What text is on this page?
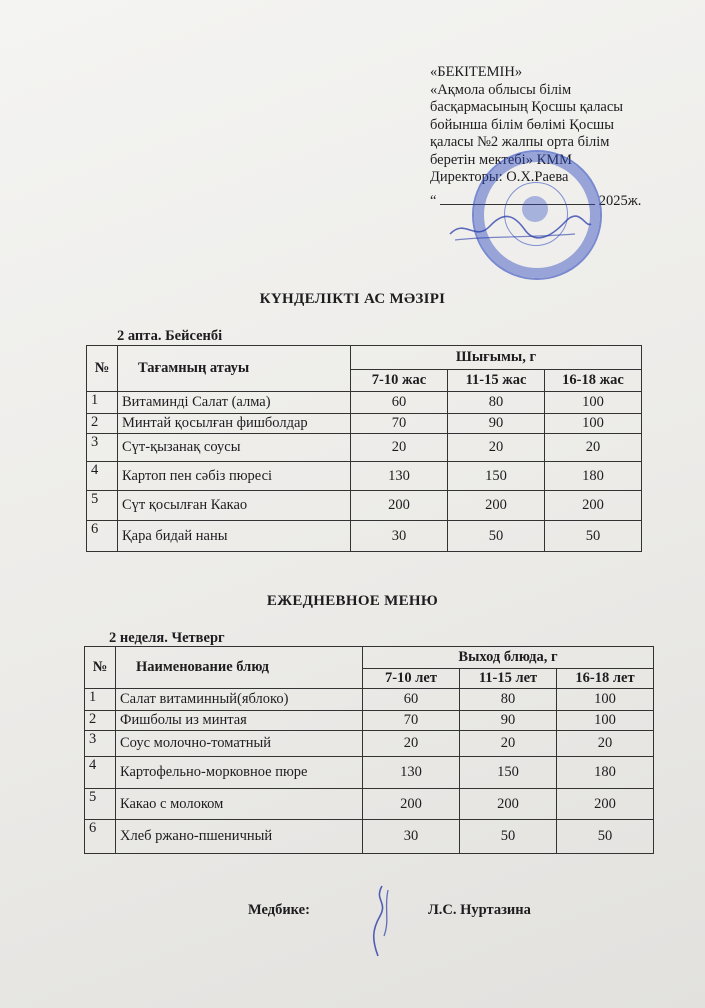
«БЕКІТЕМІН»
«Ақмола облысы білім
басқармасының Қосшы қаласы
бойынша білім бөлімі Қосшы
қаласы №2 жалпы орта білім
беретін мектебі» КММ
Директоры: О.Х.Раева
“	2025ж.
КҮНДЕЛІКТІ АС МӘЗІРІ
2 апта. Бейсенбі
№	Тағамның атауы	Шығымы, г		
		7-10 жас	11-15 жас	16-18 жас
1	Витаминді Салат (алма)	60	80	100
2	Минтай қосылған фишболдар	70	90	100
3	Сүт-қызанақ соусы	20	20	20
4	Картоп пен сәбіз пюресі	130	150	180
5	Сүт қосылған Какао	200	200	200
6	Қара бидай наны	30	50	50
ЕЖЕДНЕВНОЕ МЕНЮ
2 неделя. Четверг
№	Наименование блюд	Выход блюда, г		
		7-10 лет	11-15 лет	16-18 лет
1	Салат витаминный(яблоко)	60	80	100
2	Фишболы из минтая	70	90	100
3	Соус молочно-томатный	20	20	20
4	Картофельно-морковное пюре	130	150	180
5	Какао с молоком	200	200	200
6	Хлеб ржано-пшеничный	30	50	50
Медбике:	Л.С. Нуртазина
